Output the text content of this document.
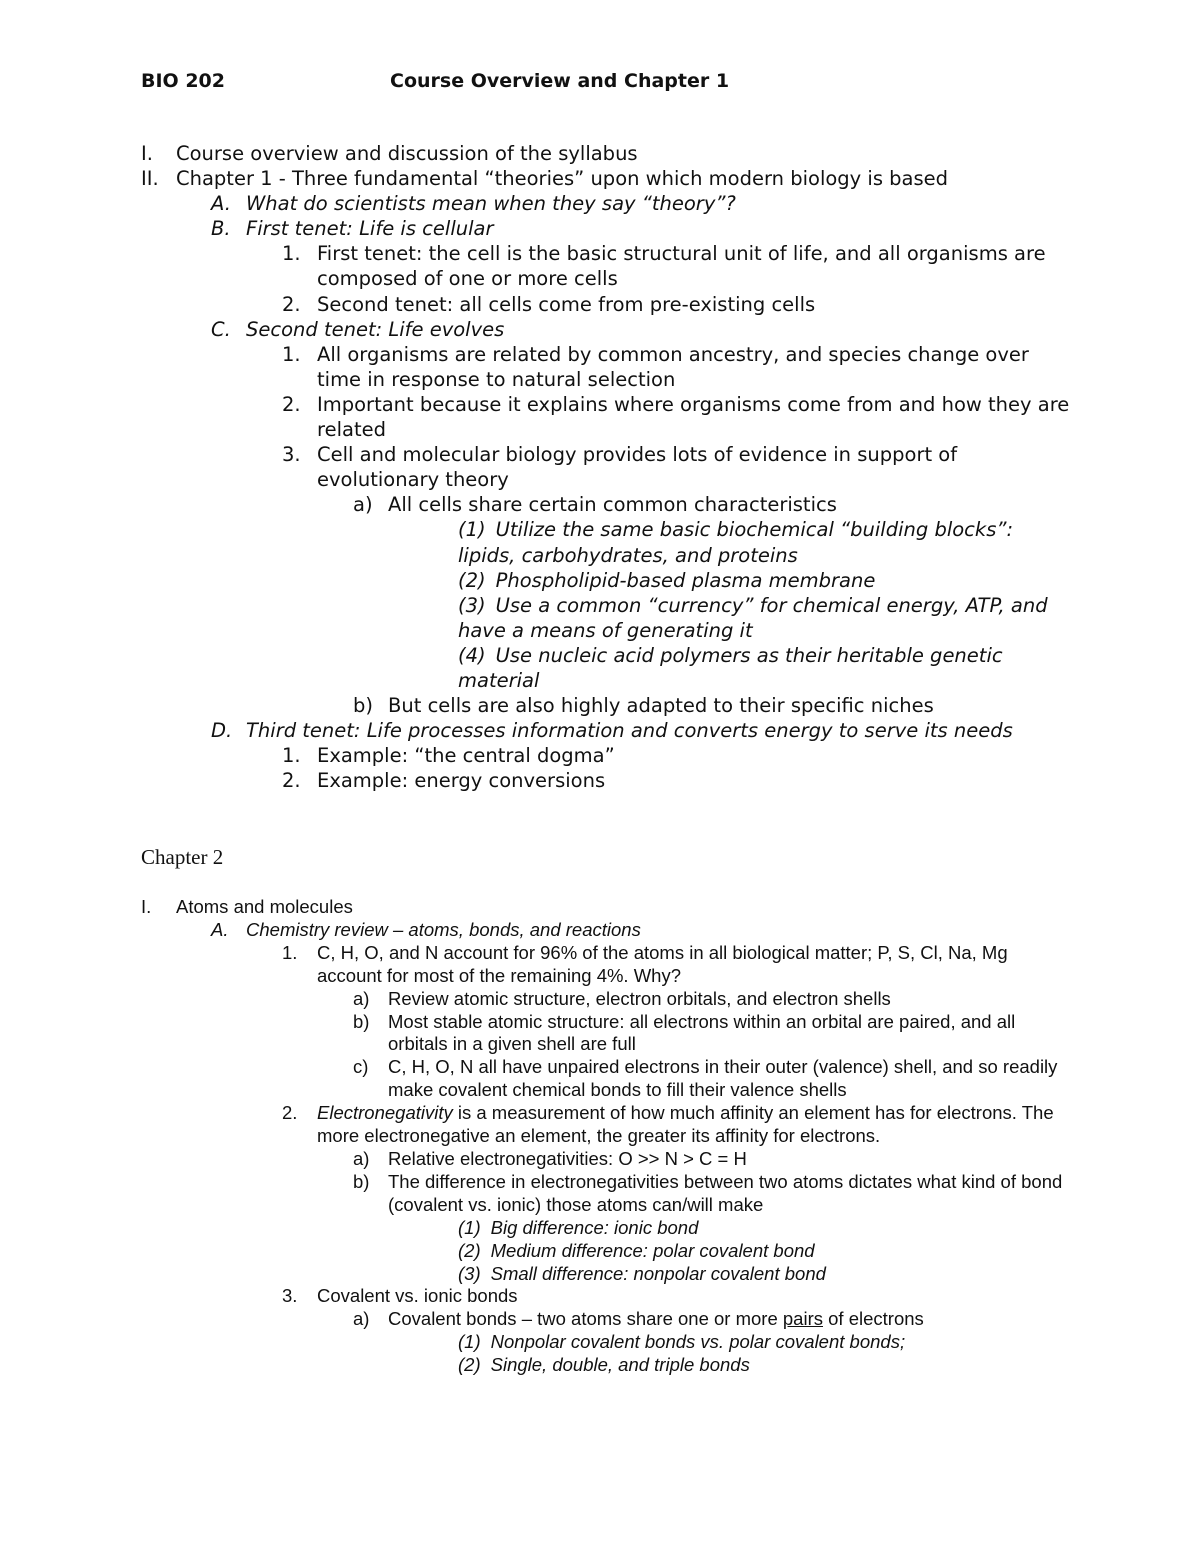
BIO 202	Course Overview and Chapter 1
I. Course overview and discussion of the syllabus
II. Chapter 1 - Three fundamental “theories” upon which modern biology is based
A. What do scientists mean when they say “theory”?
B. First tenet: Life is cellular
1. First tenet: the cell is the basic structural unit of life, and all organisms are composed of one or more cells
2. Second tenet: all cells come from pre-existing cells
C. Second tenet: Life evolves
1. All organisms are related by common ancestry, and species change over time in response to natural selection
2. Important because it explains where organisms come from and how they are related
3. Cell and molecular biology provides lots of evidence in support of evolutionary theory
a) All cells share certain common characteristics
(1) Utilize the same basic biochemical “building blocks”: lipids, carbohydrates, and proteins
(2) Phospholipid-based plasma membrane
(3) Use a common “currency” for chemical energy, ATP, and have a means of generating it
(4) Use nucleic acid polymers as their heritable genetic material
b) But cells are also highly adapted to their specific niches
D. Third tenet: Life processes information and converts energy to serve its needs
1. Example: “the central dogma”
2. Example: energy conversions
Chapter 2
I. Atoms and molecules
A. Chemistry review – atoms, bonds, and reactions
1. C, H, O, and N account for 96% of the atoms in all biological matter; P, S, Cl, Na, Mg account for most of the remaining 4%. Why?
a) Review atomic structure, electron orbitals, and electron shells
b) Most stable atomic structure: all electrons within an orbital are paired, and all orbitals in a given shell are full
c) C, H, O, N all have unpaired electrons in their outer (valence) shell, and so readily make covalent chemical bonds to fill their valence shells
2. Electronegativity is a measurement of how much affinity an element has for electrons. The more electronegative an element, the greater its affinity for electrons.
a) Relative electronegativities: O >> N > C = H
b) The difference in electronegativities between two atoms dictates what kind of bond (covalent vs. ionic) those atoms can/will make
(1) Big difference: ionic bond
(2) Medium difference: polar covalent bond
(3) Small difference: nonpolar covalent bond
3. Covalent vs. ionic bonds
a) Covalent bonds – two atoms share one or more pairs of electrons
(1) Nonpolar covalent bonds vs. polar covalent bonds;
(2) Single, double, and triple bonds
